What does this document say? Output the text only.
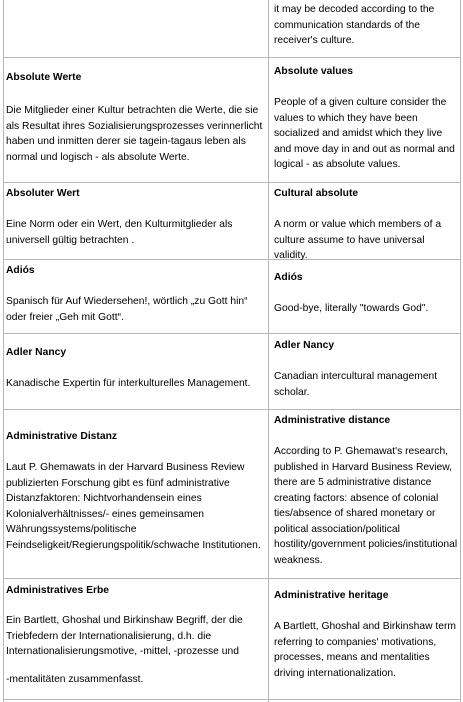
it may be decoded according to the communication standards of the receiver's culture.
Absolute Werte
Die Mitglieder einer Kultur betrachten die Werte, die sie als Resultat ihres Sozialisierungsprozesses verinnerlicht haben und inmitten derer sie tagein-tagaus leben als normal und logisch - als absolute Werte.
Absolute values
People of a given culture consider the values to which they have been socialized and amidst which they live and move day in and out as normal and logical - as absolute values.
Absoluter Wert
Eine Norm oder ein Wert, den Kulturmitglieder als universell gültig betrachten .
Cultural absolute
A norm or value which members of a culture assume to have universal validity.
Adiós
Spanisch für Auf Wiedersehen!, wörtlich „zu Gott hin“ oder freier „Geh mit Gott“.
Adiós
Good-bye, literally "towards God".
Adler Nancy
Kanadische Expertin für interkulturelles Management.
Adler Nancy
Canadian intercultural management scholar.
Administrative Distanz
Laut P. Ghemawats in der Harvard Business Review publizierten Forschung gibt es fünf administrative Distanzfaktoren: Nichtvorhandensein eines Kolonialverhältnisses/- eines gemeinsamen Währungssystems/politische Feindseligkeit/Regierungspolitik/schwache Institutionen.
Administrative distance
According to P. Ghemawat's research, published in Harvard Business Review, there are 5 administrative distance creating factors: absence of colonial ties/absence of shared monetary or political association/political hostility/government policies/institutional weakness.
Administratives Erbe
Ein Bartlett, Ghoshal und Birkinshaw Begriff, der die Triebfedern der Internationalisierung, d.h. die Internationalisierungsmotive, -mittel, -prozesse und
-mentalitäten zusammenfasst.
Administrative heritage
A Bartlett, Ghoshal and Birkinshaw term referring to companies' motivations, processes, means and mentalities driving internationalization.
